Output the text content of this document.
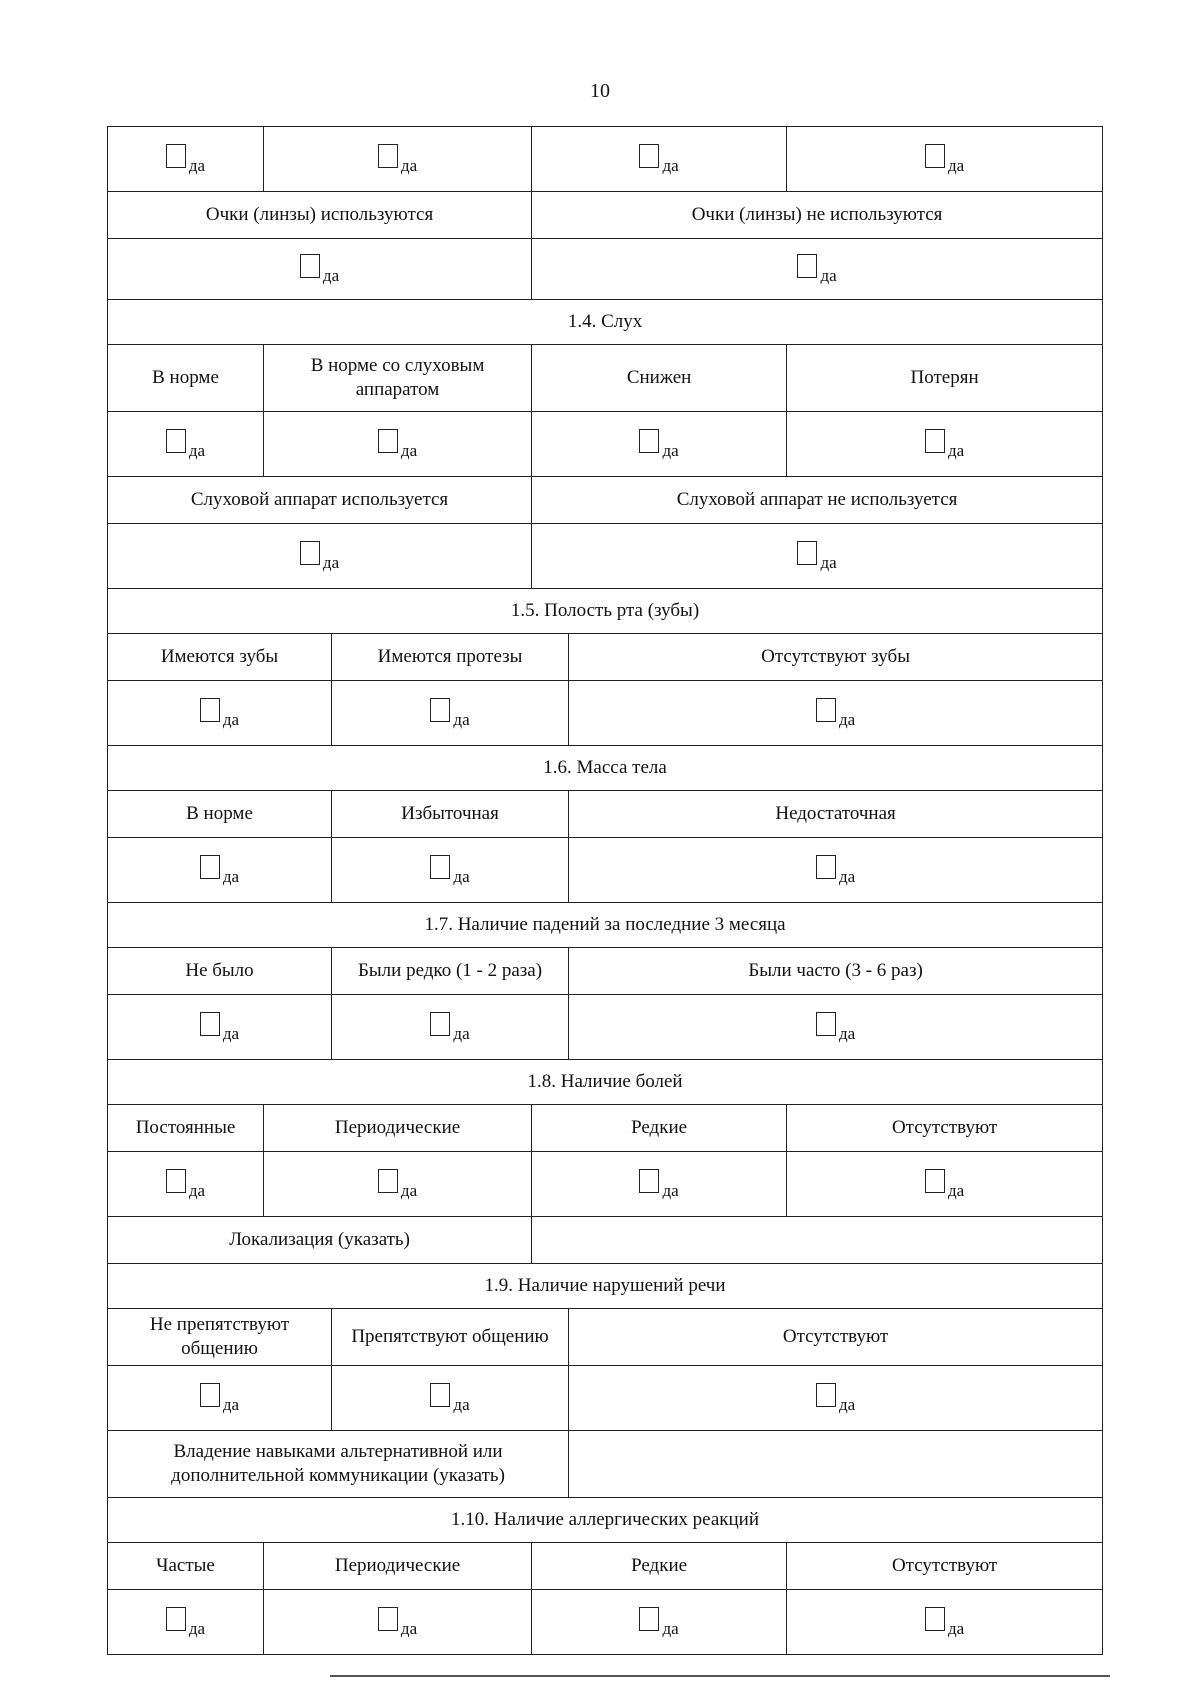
10
да	да		да		да

Очки (линзы) используются			Очки (линзы) не используются		

да			да		

1.4. Слух					
В норме	В норме со слуховым аппаратом		Снижен		Потерян

да	да		да		да

Слуховой аппарат используется			Слуховой аппарат не используется		

да			да		

1.5. Полость рта (зубы)					
Имеются зубы		Имеются протезы		Отсутствуют зубы	

да		да		да	

1.6. Масса тела					
В норме		Избыточная		Недостаточная	

да		да		да	

1.7. Наличие падений за последние 3 месяца					
Не было		Были редко (1 - 2 раза)		Были часто (3 - 6 раз)	

да		да		да	

1.8. Наличие болей					
Постоянные	Периодические		Редкие		Отсутствуют

да	да		да		да

Локализация (указать)					
1.9. Наличие нарушений речи					
Не препятствуют общению		Препятствуют общению		Отсутствуют	

да		да		да	

Владение навыками альтернативной или дополнительной коммуникации (указать)					
1.10. Наличие аллергических реакций					
Частые	Периодические		Редкие		Отсутствуют

да	да		да		да
